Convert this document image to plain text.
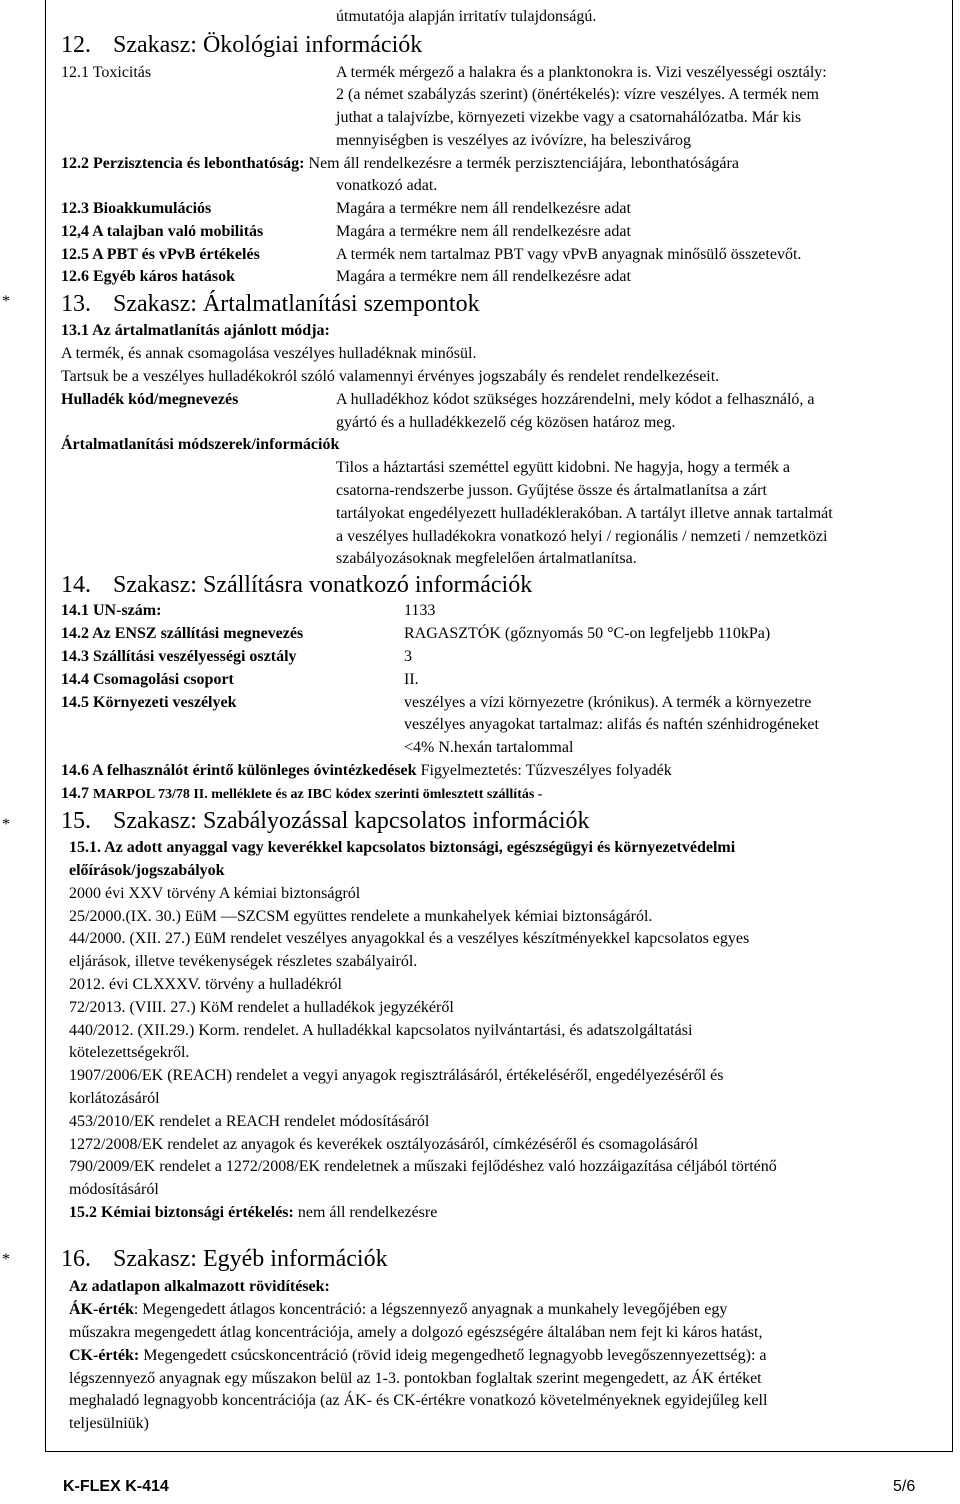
útmutatója alapján irritatív tulajdonságú.
12. Szakasz: Ökológiai információk
12.1 Toxicitás	A termék mérgező a halakra és a planktonokra is. Vizi veszélyességi osztály:
2 (a német szabályzás szerint) (önértékelés): vízre veszélyes. A termék nem
juthat a talajvízbe, környezeti vizekbe vagy a csatornahálózatba. Már kis
mennyiségben is veszélyes az ivóvízre, ha beleszivárog
12.2 Perzisztencia és lebonthatóság: Nem áll rendelkezésre a termék perzisztenciájára, lebonthatóságára
vonatkozó adat.
12.3 Bioakkumulációs	Magára a termékre nem áll rendelkezésre adat
12,4 A talajban való mobilitás	Magára a termékre nem áll rendelkezésre adat
12.5 A PBT és vPvB értékelés	A termék nem tartalmaz PBT vagy vPvB anyagnak minősülő összetevőt.
12.6 Egyéb káros hatások	Magára a termékre nem áll rendelkezésre adat
* 13. Szakasz: Ártalmatlanítási szempontok
13.1 Az ártalmatlanítás ajánlott módja:
A termék, és annak csomagolása veszélyes hulladéknak minősül.
Tartsuk be a veszélyes hulladékokról szóló valamennyi érvényes jogszabály és rendelet rendelkezéseit.
Hulladék kód/megnevezés	A hulladékhoz kódot szükséges hozzárendelni, mely kódot a felhasználó, a
gyártó és a hulladékkezelő cég közösen határoz meg.
Ártalmatlanítási módszerek/információk
Tilos a háztartási szeméttel együtt kidobni. Ne hagyja, hogy a termék a
csatorna-rendszerbe jusson. Gyűjtése össze és ártalmatlanítsa a zárt
tartályokat engedélyezett hulladéklerakóban. A tartályt illetve annak tartalmát
a veszélyes hulladékokra vonatkozó helyi / regionális / nemzeti / nemzetközi
szabályozásoknak megfelelően ártalmatlanítsa.
14. Szakasz: Szállításra vonatkozó információk
14.1 UN-szám:	1133
14.2 Az ENSZ szállítási megnevezés	RAGASZTÓK (gőznyomás 50 °C-on legfeljebb 110kPa)
14.3 Szállítási veszélyességi osztály	3
14.4 Csomagolási csoport	II.
14.5 Környezeti veszélyek	veszélyes a vízi környezetre (krónikus). A termék a környezetre
veszélyes anyagokat tartalmaz: alifás és naftén szénhidrogéneket
<4% N.hexán tartalommal
14.6 A felhasználót érintő különleges óvintézkedések Figyelmeztetés: Tűzveszélyes folyadék
14.7 MARPOL 73/78 II. melléklete és az IBC kódex szerinti ömlesztett szállítás -
* 15. Szakasz: Szabályozással kapcsolatos információk
15.1. Az adott anyaggal vagy keverékkel kapcsolatos biztonsági, egészségügyi és környezetvédelmi
előírások/jogszabályok
2000 évi XXV törvény A kémiai biztonságról
25/2000.(IX. 30.) EüM —SZCSM együttes rendelete a munkahelyek kémiai biztonságáról.
44/2000. (XII. 27.) EüM rendelet veszélyes anyagokkal és a veszélyes készítményekkel kapcsolatos egyes
eljárások, illetve tevékenységek részletes szabályairól.
2012. évi CLXXXV. törvény a hulladékról
72/2013. (VIII. 27.) KöM rendelet a hulladékok jegyzékéről
440/2012. (XII.29.) Korm. rendelet. A hulladékkal kapcsolatos nyilvántartási, és adatszolgáltatási
kötelezettségekről.
1907/2006/EK (REACH) rendelet a vegyi anyagok regisztrálásáról, értékeléséről, engedélyezéséről és
korlátozásáról
453/2010/EK rendelet a REACH rendelet módosításáról
1272/2008/EK rendelet az anyagok és keverékek osztályozásáról, címkézéséről és csomagolásáról
790/2009/EK rendelet a 1272/2008/EK rendeletnek a műszaki fejlődéshez való hozzáigazítása céljából történő
módosításáról
15.2 Kémiai biztonsági értékelés: nem áll rendelkezésre
* 16. Szakasz: Egyéb információk
Az adatlapon alkalmazott rövidítések:
ÁK-érték: Megengedett átlagos koncentráció: a légszennyező anyagnak a munkahely levegőjében egy
műszakra megengedett átlag koncentrációja, amely a dolgozó egészségére általában nem fejt ki káros hatást,
CK-érték: Megengedett csúcskoncentráció (rövid ideig megengedhető legnagyobb levegőszennyezettség): a
légszennyező anyagnak egy műszakon belül az 1-3. pontokban foglaltak szerint megengedett, az ÁK értéket
meghaladó legnagyobb koncentrációja (az ÁK- és CK-értékre vonatkozó követelményeknek egyidejűleg kell
teljesülniük)
K-FLEX K-414	5/6
